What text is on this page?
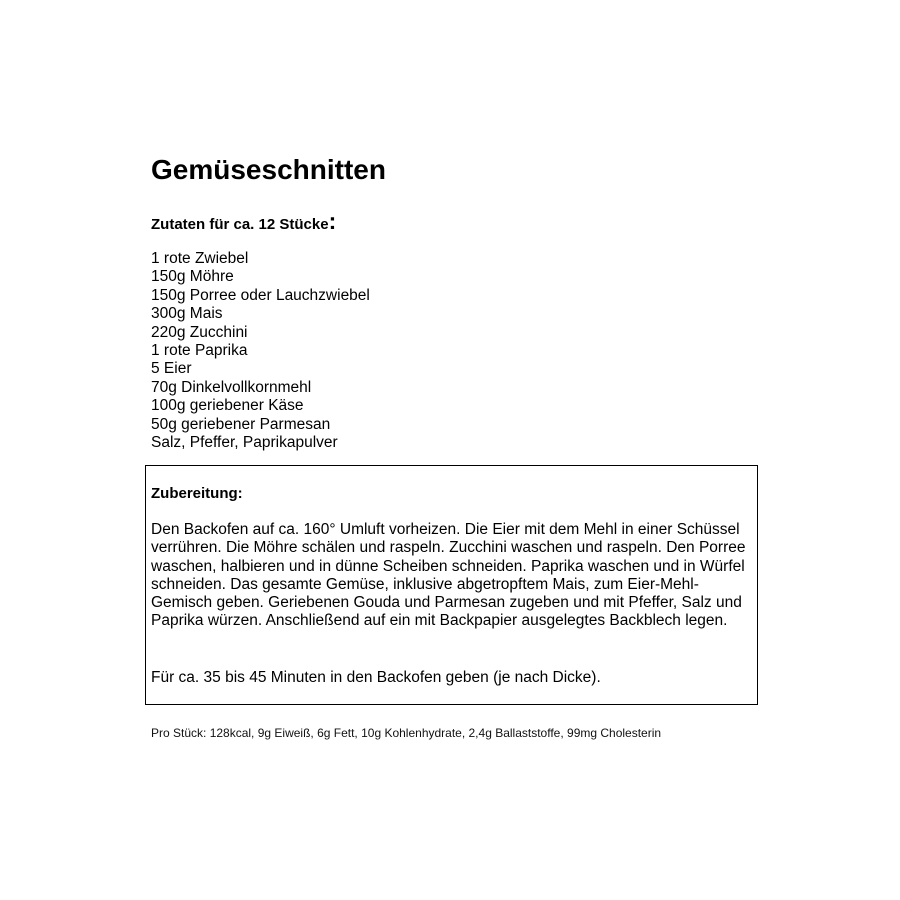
Gemüseschnitten
Zutaten für ca. 12 Stücke:
1 rote Zwiebel
150g Möhre
150g Porree oder Lauchzwiebel
300g Mais
220g Zucchini
1 rote Paprika
5 Eier
70g Dinkelvollkornmehl
100g geriebener Käse
50g geriebener Parmesan
Salz, Pfeffer, Paprikapulver
Zubereitung:

Den Backofen auf ca. 160° Umluft vorheizen. Die Eier mit dem Mehl in einer Schüssel verrühren. Die Möhre schälen und raspeln. Zucchini waschen und raspeln. Den Porree waschen, halbieren und in dünne Scheiben schneiden. Paprika waschen und in Würfel schneiden. Das gesamte Gemüse, inklusive abgetropftem Mais, zum Eier-Mehl-Gemisch geben. Geriebenen Gouda und Parmesan zugeben und mit Pfeffer, Salz und Paprika würzen. Anschließend auf ein mit Backpapier ausgelegtes Backblech legen.

Für ca. 35 bis 45 Minuten in den Backofen geben (je nach Dicke).

Pro Stück: 128kcal, 9g Eiweiß, 6g Fett, 10g Kohlenhydrate, 2,4g Ballaststoffe, 99mg Cholesterin
